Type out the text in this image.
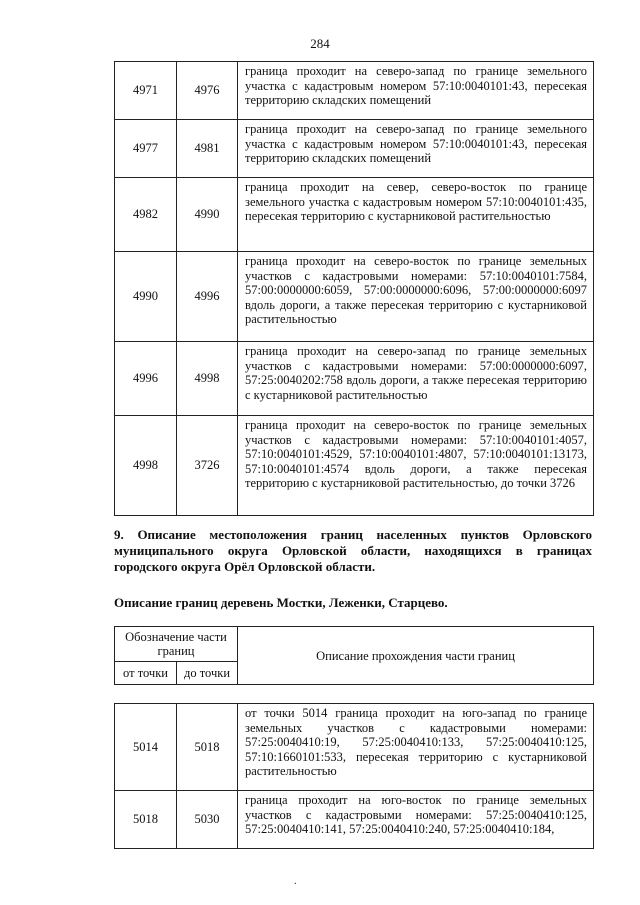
284
4971	4976	граница проходит на северо-запад по границе земельного участка с кадастровым номером 57:10:0040101:43, пересекая территорию складских помещений
4977	4981	граница проходит на северо-запад по границе земельного участка с кадастровым номером 57:10:0040101:43, пересекая территорию складских помещений
4982	4990	граница проходит на север, северо-восток по границе земельного участка с кадастровым номером 57:10:0040101:435, пересекая территорию с кустарниковой растительностью
4990	4996	граница проходит на северо-восток по границе земельных участков с кадастровыми номерами: 57:10:0040101:7584, 57:00:0000000:6059, 57:00:0000000:6096, 57:00:0000000:6097 вдоль дороги, а также пересекая территорию с кустарниковой растительностью
4996	4998	граница проходит на северо-запад по границе земельных участков с кадастровыми номерами: 57:00:0000000:6097, 57:25:0040202:758 вдоль дороги, а также пересекая территорию с кустарниковой растительностью
4998	3726	граница проходит на северо-восток по границе земельных участков с кадастровыми номерами: 57:10:0040101:4057, 57:10:0040101:4529, 57:10:0040101:4807, 57:10:0040101:13173, 57:10:0040101:4574 вдоль дороги, а также пересекая территорию с кустарниковой растительностью, до точки 3726
9. Описание местоположения границ населенных пунктов Орловского муниципального округа Орловской области, находящихся в границах городского округа Орёл Орловской области.
Описание границ деревень Мостки, Леженки, Старцево.
Обозначение части границ		Описание прохождения части границ
от точки	до точки	
5014	5018	от точки 5014 граница проходит на юго-запад по границе земельных участков с кадастровыми номерами: 57:25:0040410:19, 57:25:0040410:133, 57:25:0040410:125, 57:10:1660101:533, пересекая территорию с кустарниковой растительностью
5018	5030	граница проходит на юго-восток по границе земельных участков с кадастровыми номерами: 57:25:0040410:125, 57:25:0040410:141, 57:25:0040410:240, 57:25:0040410:184,
.
